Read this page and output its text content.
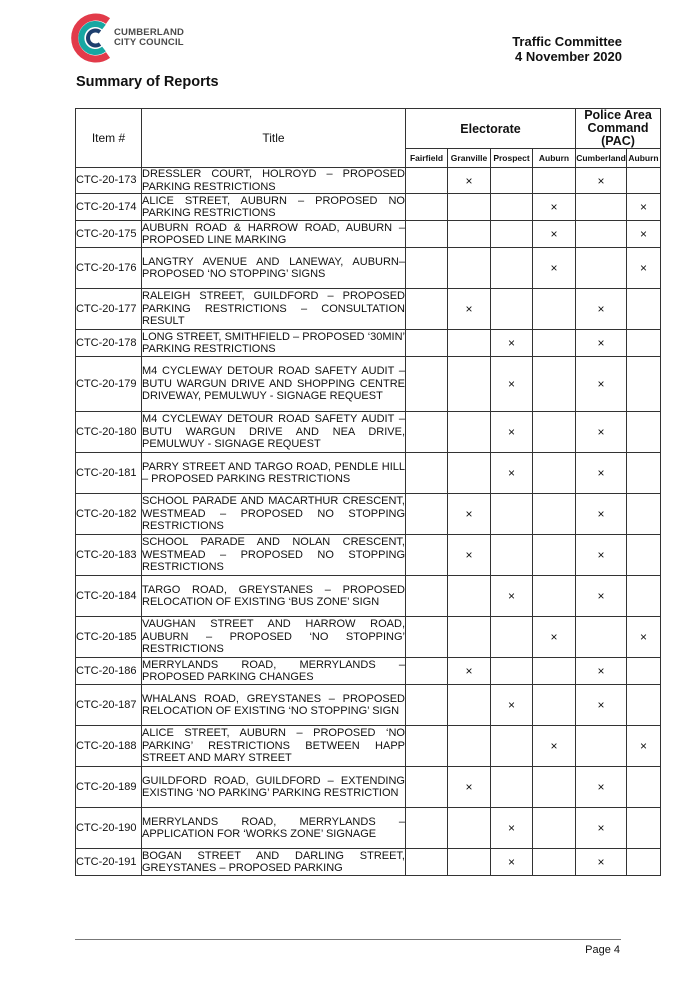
CUMBERLAND
CITY COUNCIL	Traffic Committee
4 November 2020
Summary of Reports
Item #	Title	Electorate				Police Area Command (PAC)	
		Fairfield	Granville	Prospect	Auburn	Cumberland	Auburn
CTC-20-173	DRESSLER COURT, HOLROYD – PROPOSED PARKING RESTRICTIONS		×			×	
CTC-20-174	ALICE STREET, AUBURN – PROPOSED NO PARKING RESTRICTIONS				×		×
CTC-20-175	AUBURN ROAD & HARROW ROAD, AUBURN – PROPOSED LINE MARKING				×		×
CTC-20-176	LANGTRY AVENUE AND LANEWAY, AUBURN– PROPOSED ‘NO STOPPING’ SIGNS				×		×
CTC-20-177	RALEIGH STREET, GUILDFORD – PROPOSED PARKING RESTRICTIONS – CONSULTATION RESULT		×			×	
CTC-20-178	LONG STREET, SMITHFIELD – PROPOSED ‘30MIN’ PARKING RESTRICTIONS			×		×	
CTC-20-179	M4 CYCLEWAY DETOUR ROAD SAFETY AUDIT – BUTU WARGUN DRIVE AND SHOPPING CENTRE DRIVEWAY, PEMULWUY - SIGNAGE REQUEST			×		×	
CTC-20-180	M4 CYCLEWAY DETOUR ROAD SAFETY AUDIT – BUTU WARGUN DRIVE AND NEA DRIVE, PEMULWUY - SIGNAGE REQUEST			×		×	
CTC-20-181	PARRY STREET AND TARGO ROAD, PENDLE HILL – PROPOSED PARKING RESTRICTIONS			×		×	
CTC-20-182	SCHOOL PARADE AND MACARTHUR CRESCENT, WESTMEAD – PROPOSED NO STOPPING RESTRICTIONS		×			×	
CTC-20-183	SCHOOL PARADE AND NOLAN CRESCENT, WESTMEAD – PROPOSED NO STOPPING RESTRICTIONS		×			×	
CTC-20-184	TARGO ROAD, GREYSTANES – PROPOSED RELOCATION OF EXISTING ‘BUS ZONE’ SIGN			×		×	
CTC-20-185	VAUGHAN STREET AND HARROW ROAD, AUBURN – PROPOSED ‘NO STOPPING’ RESTRICTIONS				×		×
CTC-20-186	MERRYLANDS ROAD, MERRYLANDS – PROPOSED PARKING CHANGES		×			×	
CTC-20-187	WHALANS ROAD, GREYSTANES – PROPOSED RELOCATION OF EXISTING ‘NO STOPPING’ SIGN			×		×	
CTC-20-188	ALICE STREET, AUBURN – PROPOSED ‘NO PARKING’ RESTRICTIONS BETWEEN HAPP STREET AND MARY STREET				×		×
CTC-20-189	GUILDFORD ROAD, GUILDFORD – EXTENDING EXISTING ‘NO PARKING’ PARKING RESTRICTION		×			×	
CTC-20-190	MERRYLANDS ROAD, MERRYLANDS – APPLICATION FOR ‘WORKS ZONE’ SIGNAGE			×		×	
CTC-20-191	BOGAN STREET AND DARLING STREET, GREYSTANES – PROPOSED PARKING			×		×	
Page 4
